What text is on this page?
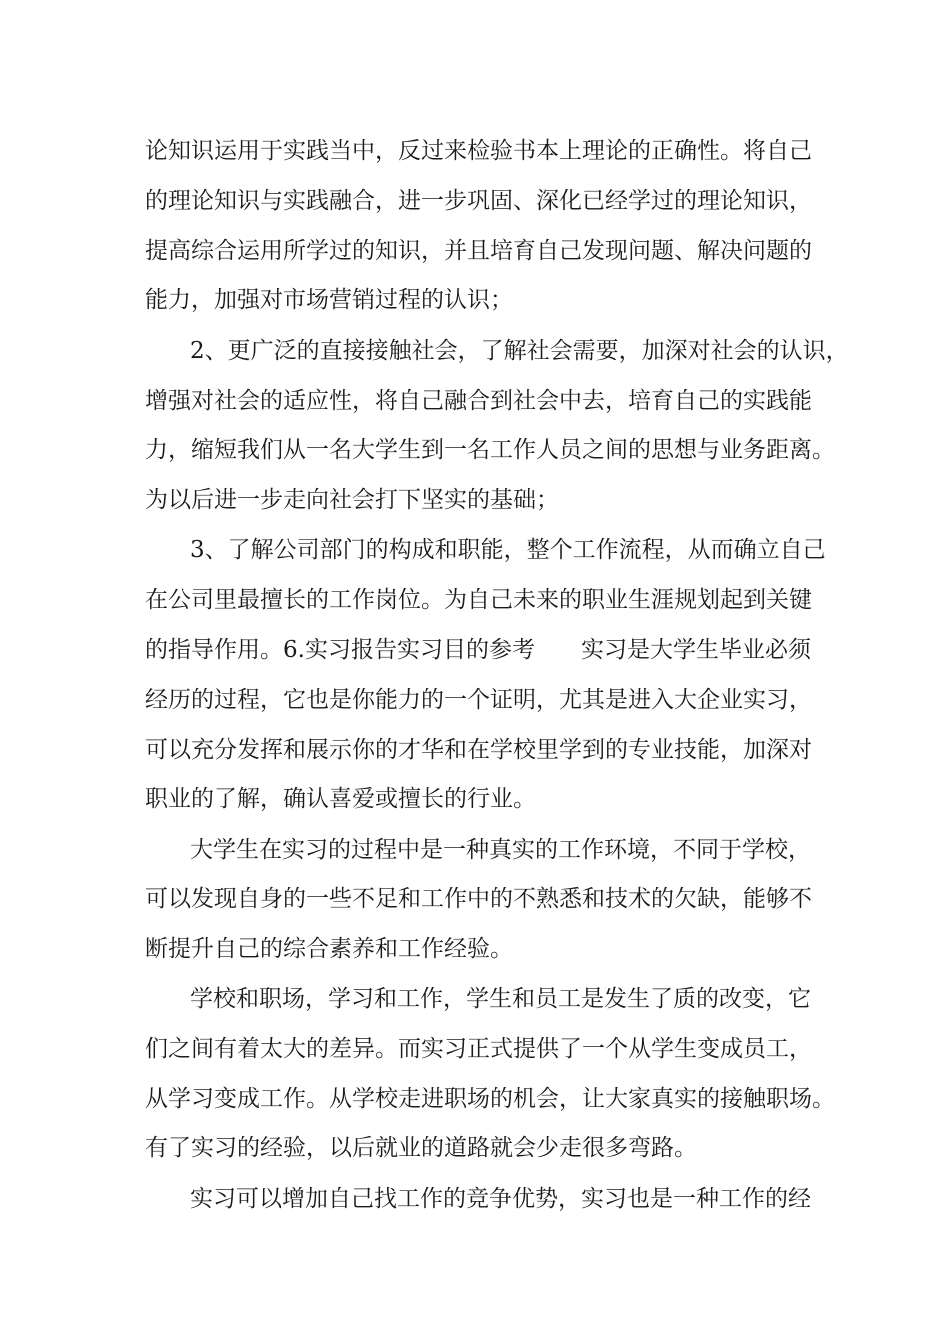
论知识运用于实践当中，反过来检验书本上理论的正确性。将自己
的理论知识与实践融合，进一步巩固、深化已经学过的理论知识，
提高综合运用所学过的知识，并且培育自己发现问题、解决问题的
能力，加强对市场营销过程的认识；
2、更广泛的直接接触社会，了解社会需要，加深对社会的认识，
增强对社会的适应性，将自己融合到社会中去，培育自己的实践能
力，缩短我们从一名大学生到一名工作人员之间的思想与业务距离。
为以后进一步走向社会打下坚实的基础；
3、了解公司部门的构成和职能，整个工作流程，从而确立自己
在公司里最擅长的工作岗位。为自己未来的职业生涯规划起到关键
的指导作用。6.实习报告实习目的参考　　实习是大学生毕业必须
经历的过程，它也是你能力的一个证明，尤其是进入大企业实习，
可以充分发挥和展示你的才华和在学校里学到的专业技能，加深对
职业的了解，确认喜爱或擅长的行业。
大学生在实习的过程中是一种真实的工作环境，不同于学校，
可以发现自身的一些不足和工作中的不熟悉和技术的欠缺，能够不
断提升自己的综合素养和工作经验。
学校和职场，学习和工作，学生和员工是发生了质的改变，它
们之间有着太大的差异。而实习正式提供了一个从学生变成员工，
从学习变成工作。从学校走进职场的机会，让大家真实的接触职场。
有了实习的经验，以后就业的道路就会少走很多弯路。
实习可以增加自己找工作的竞争优势，实习也是一种工作的经
